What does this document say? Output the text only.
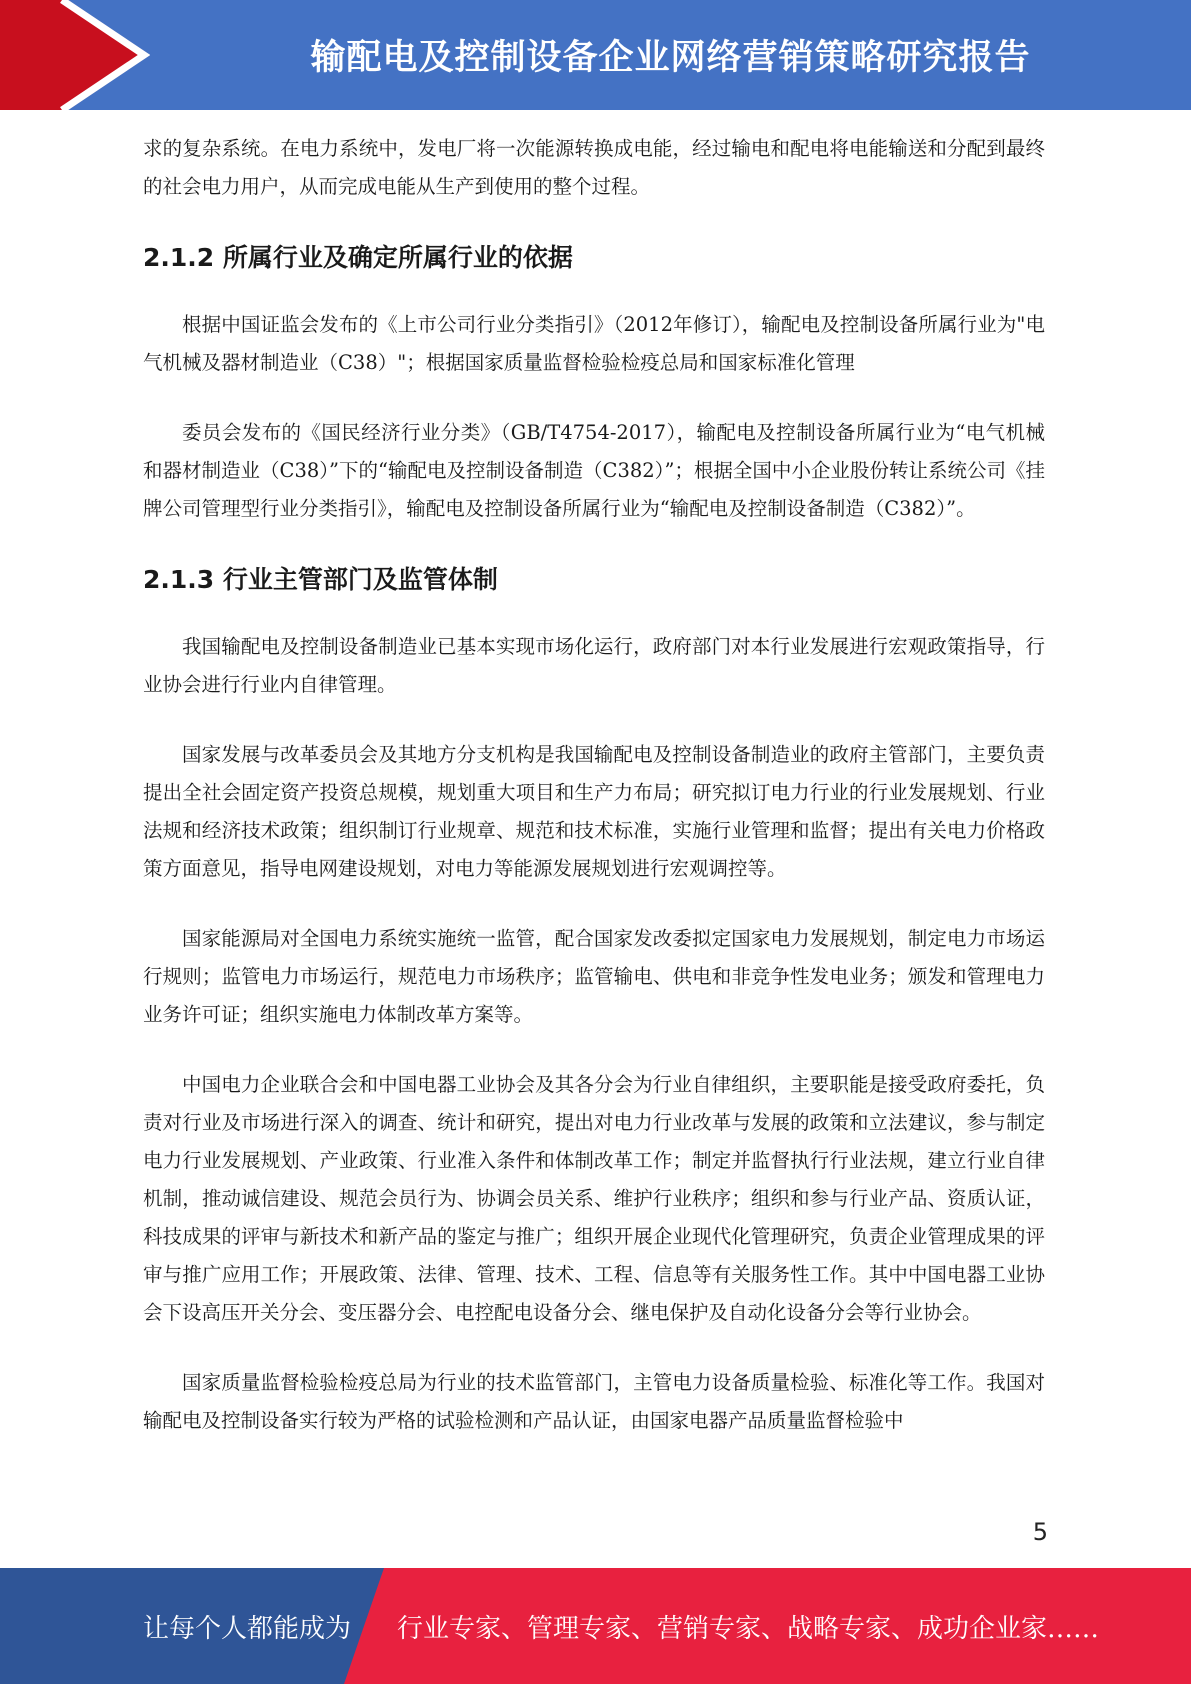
输配电及控制设备企业网络营销策略研究报告

求的复杂系统。在电力系统中，发电厂将一次能源转换成电能，经过输电和配电将电能输送和分配到最终的社会电力用户，从而完成电能从生产到使用的整个过程。

2.1.2 所属行业及确定所属行业的依据

根据中国证监会发布的《上市公司行业分类指引》（2012年修订），输配电及控制设备所属行业为"电气机械及器材制造业（C38）"；根据国家质量监督检验检疫总局和国家标准化管理

委员会发布的《国民经济行业分类》（GB/T4754-2017），输配电及控制设备所属行业为“电气机械和器材制造业（C38）”下的“输配电及控制设备制造（C382）”；根据全国中小企业股份转让系统公司《挂牌公司管理型行业分类指引》，输配电及控制设备所属行业为“输配电及控制设备制造（C382）”。

2.1.3 行业主管部门及监管体制

我国输配电及控制设备制造业已基本实现市场化运行，政府部门对本行业发展进行宏观政策指导，行业协会进行行业内自律管理。

国家发展与改革委员会及其地方分支机构是我国输配电及控制设备制造业的政府主管部门，主要负责提出全社会固定资产投资总规模，规划重大项目和生产力布局；研究拟订电力行业的行业发展规划、行业法规和经济技术政策；组织制订行业规章、规范和技术标准，实施行业管理和监督；提出有关电力价格政策方面意见，指导电网建设规划，对电力等能源发展规划进行宏观调控等。

国家能源局对全国电力系统实施统一监管，配合国家发改委拟定国家电力发展规划，制定电力市场运行规则；监管电力市场运行，规范电力市场秩序；监管输电、供电和非竞争性发电业务；颁发和管理电力业务许可证；组织实施电力体制改革方案等。

中国电力企业联合会和中国电器工业协会及其各分会为行业自律组织，主要职能是接受政府委托，负责对行业及市场进行深入的调查、统计和研究，提出对电力行业改革与发展的政策和立法建议，参与制定电力行业发展规划、产业政策、行业准入条件和体制改革工作；制定并监督执行行业法规，建立行业自律机制，推动诚信建设、规范会员行为、协调会员关系、维护行业秩序；组织和参与行业产品、资质认证，科技成果的评审与新技术和新产品的鉴定与推广；组织开展企业现代化管理研究，负责企业管理成果的评审与推广应用工作；开展政策、法律、管理、技术、工程、信息等有关服务性工作。其中中国电器工业协会下设高压开关分会、变压器分会、电控配电设备分会、继电保护及自动化设备分会等行业协会。

国家质量监督检验检疫总局为行业的技术监管部门，主管电力设备质量检验、标准化等工作。我国对输配电及控制设备实行较为严格的试验检测和产品认证，由国家电器产品质量监督检验中

5
让每个人都能成为 行业专家、管理专家、营销专家、战略专家、成功企业家……
